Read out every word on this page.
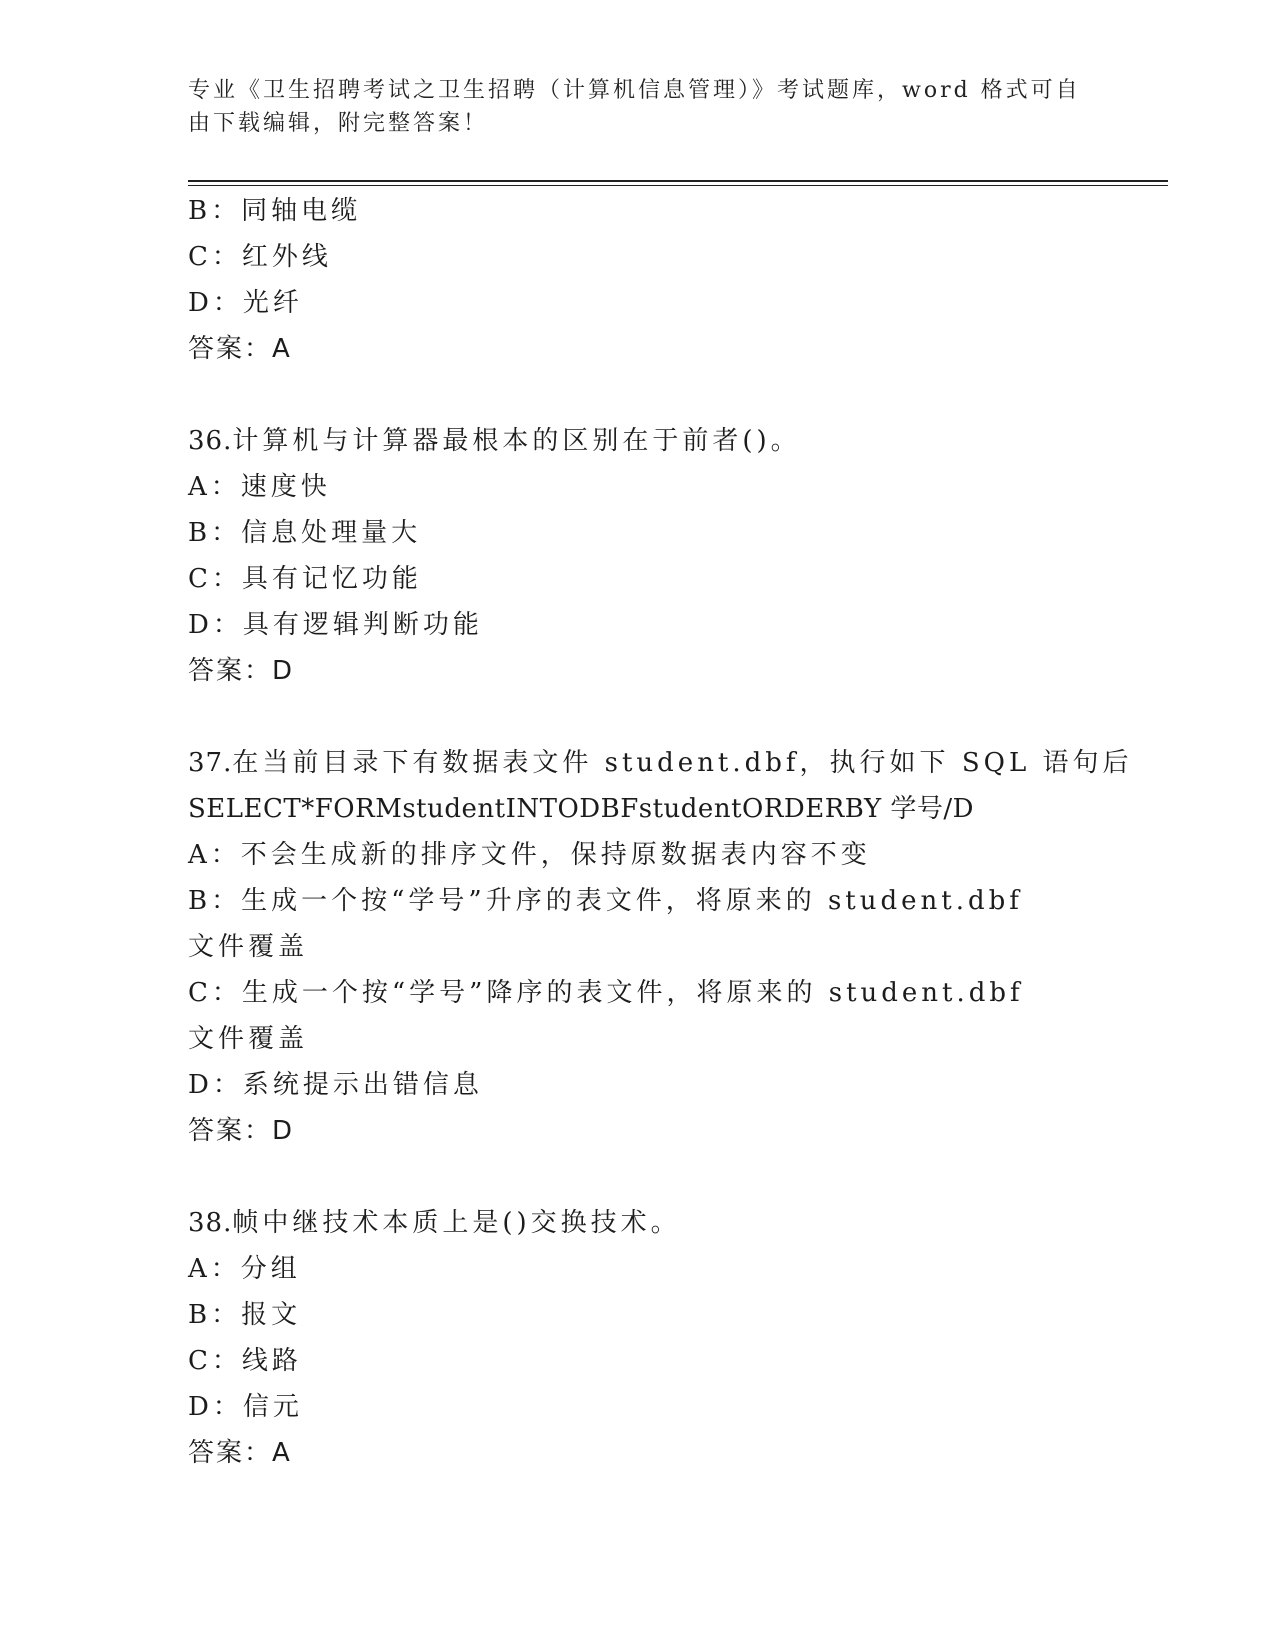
专业《卫生招聘考试之卫生招聘（计算机信息管理）》考试题库，word 格式可自
由下载编辑，附完整答案！
B：同轴电缆
C：红外线
D：光纤
答案：A
36.计算机与计算器最根本的区别在于前者()。
A：速度快
B：信息处理量大
C：具有记忆功能
D：具有逻辑判断功能
答案：D
37.在当前目录下有数据表文件 student.dbf，执行如下 SQL 语句后
SELECT*FORMstudentINTODBFstudentORDERBY 学号/D
A：不会生成新的排序文件，保持原数据表内容不变
B：生成一个按“学号”升序的表文件，将原来的 student.dbf 文件覆盖
C：生成一个按“学号”降序的表文件，将原来的 student.dbf 文件覆盖
D：系统提示出错信息
答案：D
38.帧中继技术本质上是()交换技术。
A：分组
B：报文
C：线路
D：信元
答案：A
